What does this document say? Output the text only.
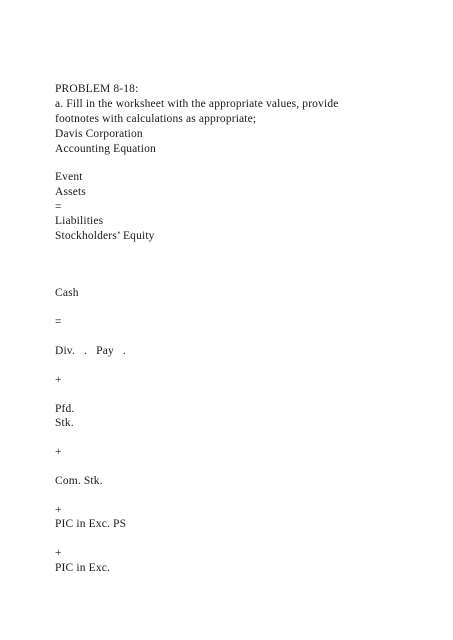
PROBLEM 8-18:
a. Fill in the worksheet with the appropriate values, provide
footnotes with calculations as appropriate;
Davis Corporation
Accounting Equation
Event
Assets
=
Liabilities
Stockholders’ Equity
Cash
=
Div.   .   Pay   .
+
Pfd.
Stk.
+
Com. Stk.
+
PIC in Exc. PS
+
PIC in Exc.
